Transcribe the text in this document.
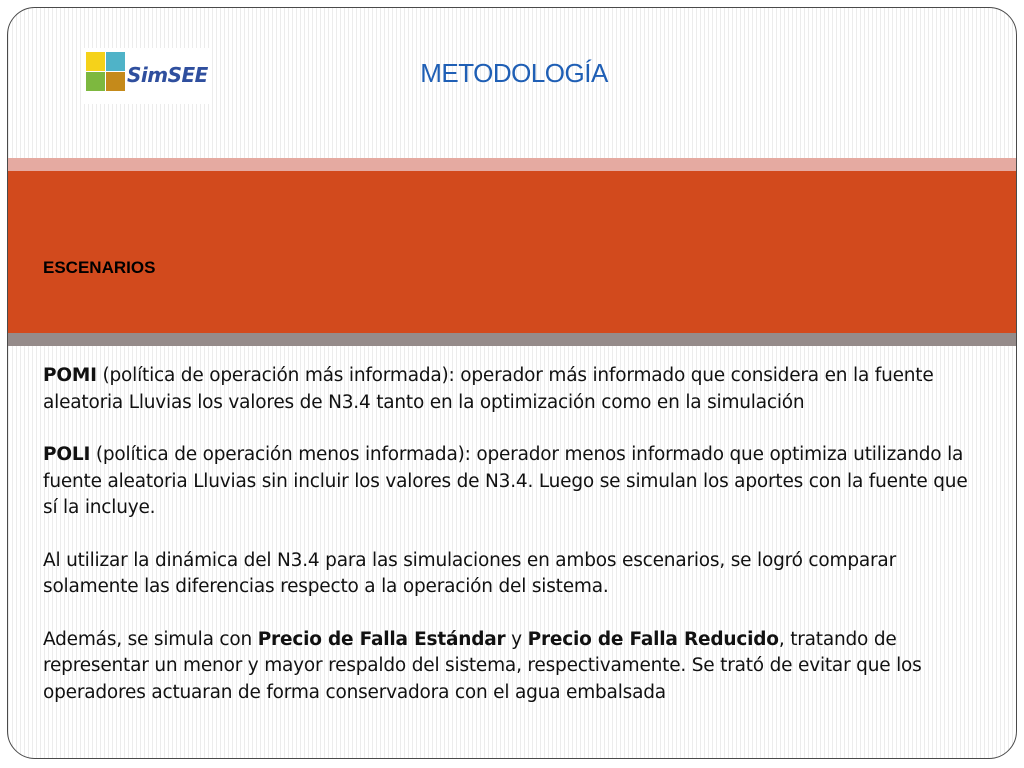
SimSEE	METODOLOGÍA
ESCENARIOS

POMI (política de operación más informada): operador más informado que considera en la fuente aleatoria Lluvias los valores de N3.4 tanto en la optimización como en la simulación

POLI (política de operación menos informada): operador menos informado que optimiza utilizando la fuente aleatoria Lluvias sin incluir los valores de N3.4. Luego se simulan los aportes con la fuente que sí la incluye.

Al utilizar la dinámica del N3.4 para las simulaciones en ambos escenarios, se logró comparar solamente las diferencias respecto a la operación del sistema.

Además, se simula con Precio de Falla Estándar y Precio de Falla Reducido, tratando de representar un menor y mayor respaldo del sistema, respectivamente. Se trató de evitar que los operadores actuaran de forma conservadora con el agua embalsada
